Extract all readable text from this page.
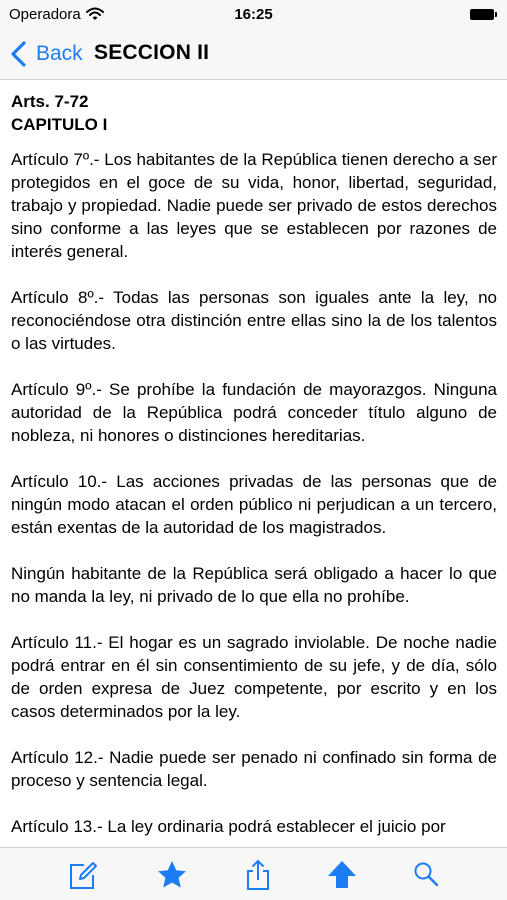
Operadora	16:25
Back SECCION II
Arts. 7-72
CAPITULO I

Artículo 7º.- Los habitantes de la República tienen derecho a ser protegidos en el goce de su vida, honor, libertad, seguridad, trabajo y propiedad. Nadie puede ser privado de estos derechos sino conforme a las leyes que se establecen por razones de interés general.

Artículo 8º.- Todas las personas son iguales ante la ley, no reconociéndose otra distinción entre ellas sino la de los talentos o las virtudes.

Artículo 9º.- Se prohíbe la fundación de mayorazgos. Ninguna autoridad de la República podrá conceder título alguno de nobleza, ni honores o distinciones hereditarias.

Artículo 10.- Las acciones privadas de las personas que de ningún modo atacan el orden público ni perjudican a un tercero, están exentas de la autoridad de los magistrados.

Ningún habitante de la República será obligado a hacer lo que no manda la ley, ni privado de lo que ella no prohíbe.

Artículo 11.- El hogar es un sagrado inviolable. De noche nadie podrá entrar en él sin consentimiento de su jefe, y de día, sólo de orden expresa de Juez competente, por escrito y en los casos determinados por la ley.

Artículo 12.- Nadie puede ser penado ni confinado sin forma de proceso y sentencia legal.

Artículo 13.- La ley ordinaria podrá establecer el juicio por
